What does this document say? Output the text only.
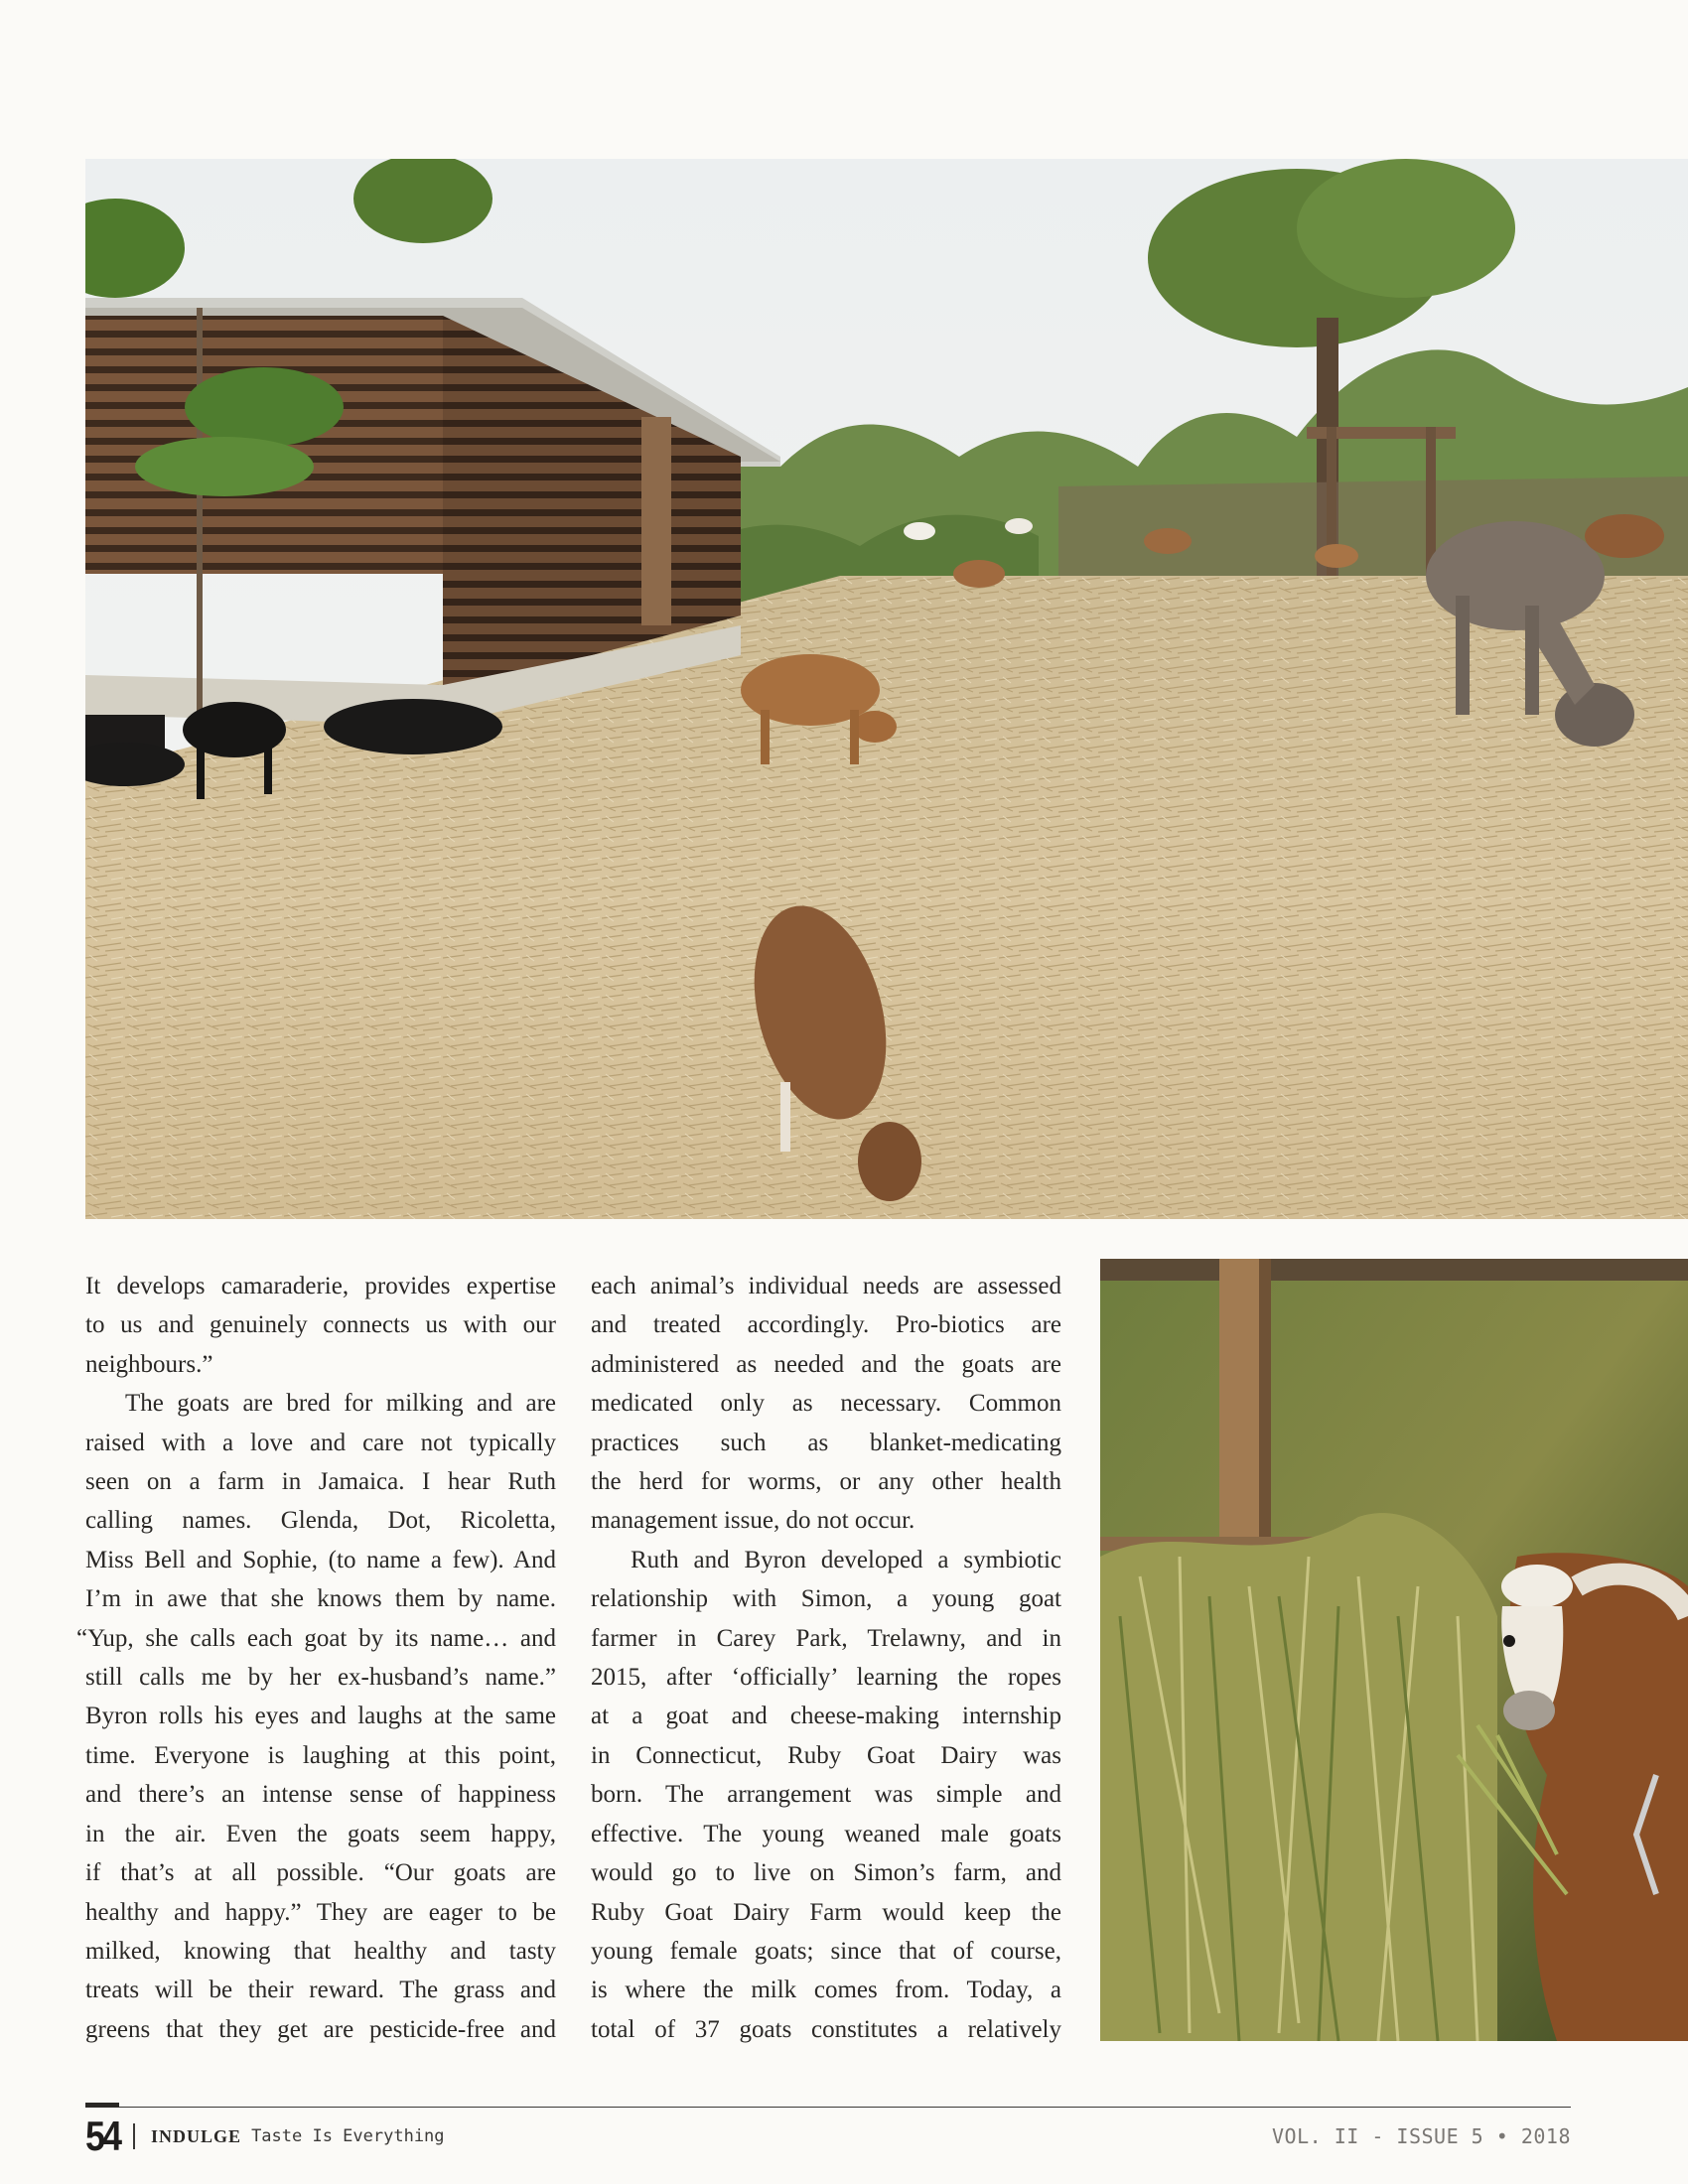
It develops camaraderie, provides expertise
to us and genuinely connects us with our
neighbours.”
The goats are bred for milking and are
raised with a love and care not typically
seen on a farm in Jamaica. I hear Ruth
calling names. Glenda, Dot, Ricoletta,
Miss Bell and Sophie, (to name a few). And
I’m in awe that she knows them by name.
“Yup, she calls each goat by its name… and
still calls me by her ex-husband’s name.”
Byron rolls his eyes and laughs at the same
time. Everyone is laughing at this point,
and there’s an intense sense of happiness
in the air. Even the goats seem happy,
if that’s at all possible. “Our goats are
healthy and happy.” They are eager to be
milked, knowing that healthy and tasty
treats will be their reward. The grass and
greens that they get are pesticide-free and
each animal’s individual needs are assessed
and treated accordingly. Pro-biotics are
administered as needed and the goats are
medicated only as necessary. Common
practices such as blanket-medicating
the herd for worms, or any other health
management issue, do not occur.
Ruth and Byron developed a symbiotic
relationship with Simon, a young goat
farmer in Carey Park, Trelawny, and in
2015, after ‘officially’ learning the ropes
at a goat and cheese-making internship
in Connecticut, Ruby Goat Dairy was
born. The arrangement was simple and
effective. The young weaned male goats
would go to live on Simon’s farm, and
Ruby Goat Dairy Farm would keep the
young female goats; since that of course,
is where the milk comes from. Today, a
total of 37 goats constitutes a relatively
54 INDULGE Taste Is Everything	VOL. II - ISSUE 5 • 2018
